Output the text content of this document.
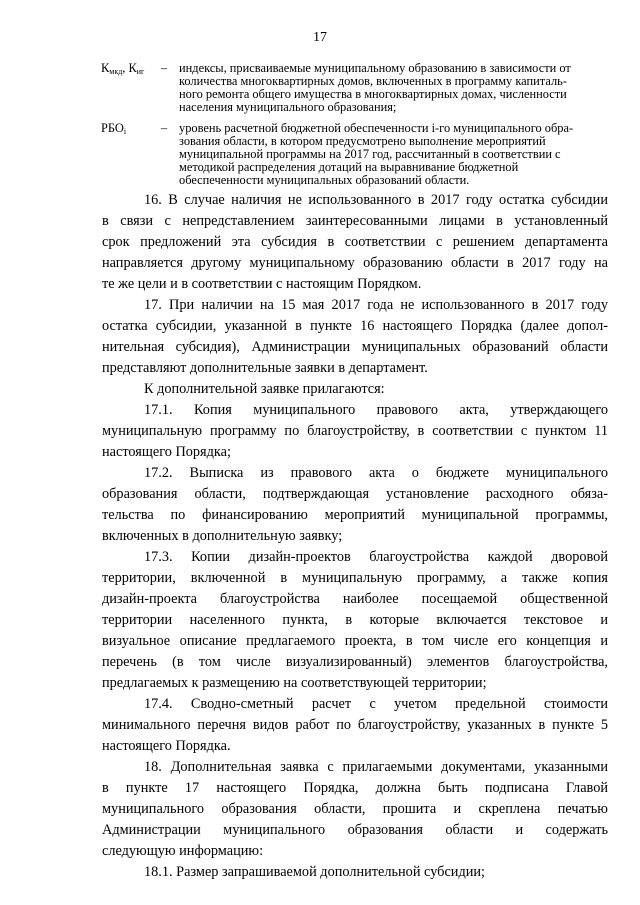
17
$К_{мкд}$, $К_{иг}$	– индексы, присваиваемые муниципальному образованию в зависимости от
количества многоквартирных домов, включенных в программу капиталь-
ного ремонта общего имущества в многоквартирных домах, численности
населения муниципального образования;
$РБО_i$	– уровень расчетной бюджетной обеспеченности i-го муниципального обра-
зования области, в котором предусмотрено выполнение мероприятий
муниципальной программы на 2017 год, рассчитанный в соответствии с
методикой распределения дотаций на выравнивание бюджетной
обеспеченности муниципальных образований области.
16. В случае наличия не использованного в 2017 году остатка субсидии
в связи с непредставлением заинтересованными лицами в установленный
срок предложений эта субсидия в соответствии с решением департамента
направляется другому муниципальному образованию области в 2017 году на
те же цели и в соответствии с настоящим Порядком.
17. При наличии на 15 мая 2017 года не использованного в 2017 году
остатка субсидии, указанной в пункте 16 настоящего Порядка (далее допол-
нительная субсидия), Администрации муниципальных образований области
представляют дополнительные заявки в департамент.
К дополнительной заявке прилагаются:
17.1. Копия муниципального правового акта, утверждающего
муниципальную программу по благоустройству, в соответствии с пунктом 11
настоящего Порядка;
17.2. Выписка из правового акта о бюджете муниципального
образования области, подтверждающая установление расходного обяза-
тельства по финансированию мероприятий муниципальной программы,
включенных в дополнительную заявку;
17.3. Копии дизайн-проектов благоустройства каждой дворовой
территории, включенной в муниципальную программу, а также копия
дизайн-проекта благоустройства наиболее посещаемой общественной
территории населенного пункта, в которые включается текстовое и
визуальное описание предлагаемого проекта, в том числе его концепция и
перечень (в том числе визуализированный) элементов благоустройства,
предлагаемых к размещению на соответствующей территории;
17.4. Сводно-сметный расчет с учетом предельной стоимости
минимального перечня видов работ по благоустройству, указанных в пункте 5
настоящего Порядка.
18. Дополнительная заявка с прилагаемыми документами, указанными
в пункте 17 настоящего Порядка, должна быть подписана Главой
муниципального образования области, прошита и скреплена печатью
Администрации муниципального образования области и содержать
следующую информацию:
18.1. Размер запрашиваемой дополнительной субсидии;
